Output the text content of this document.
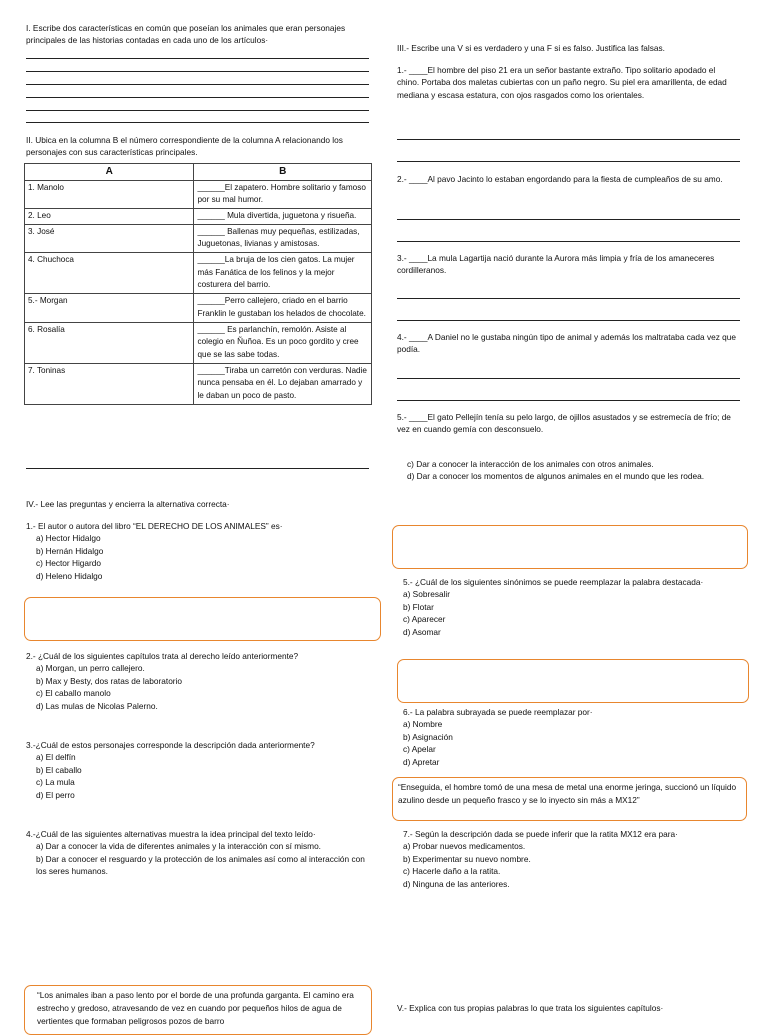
I. Escribe dos características en común que poseían los animales que eran personajes principales de las historias contadas en cada uno de los artículos·

II. Ubica en la columna B el número correspondiente de la columna A relacionando los personajes con sus características principales.

A	B
1. Manolo	______El zapatero. Hombre solitario y famoso por su mal humor.
2. Leo	______ Mula divertida, juguetona y risueña.
3. José	______ Ballenas muy pequeñas, estilizadas, Juguetonas, livianas y amistosas.
4. Chuchoca	______La bruja de los cien gatos. La mujer más Fanática de los felinos y la mejor costurera del barrio.
5.- Morgan	______Perro callejero, criado en el barrio Franklin le gustaban los helados de chocolate.
6. Rosalía	______ Es parlanchín, remolón. Asiste al colegio en Ñuñoa. Es un poco gordito y cree que se las sabe todas.
7. Toninas	______Tiraba un carretón con verduras. Nadie nunca pensaba en él. Lo dejaban amarrado y le daban un poco de pasto.

IV.- Lee las preguntas y encierra la alternativa correcta·

1.- El autor o autora del libro “EL DERECHO DE LOS ANIMALES” es·

a) Hector Hidalgo

b) Hernán Hidalgo

c) Hector Higardo

d) Heleno Hidalgo

2.- ¿Cuál de los siguientes capítulos trata al derecho leído anteriormente?

a) Morgan, un perro callejero.

b) Max y Besty, dos ratas de laboratorio

c) El caballo manolo

d) Las mulas de Nicolas Palerno.

3.-¿Cuál de estos personajes corresponde la descripción dada anteriormente?

a) El delfín

b) El caballo

c) La mula

d) El perro

4.-¿Cuál de las siguientes alternativas muestra la idea principal del texto leído·

a) Dar a conocer la vida de diferentes animales y la interacción con sí mismo.

b) Dar a conocer el resguardo y la protección de los animales así como al interacción con los seres humanos.

“Los animales iban a paso lento por el borde de una profunda garganta. El camino era estrecho y gredoso, atravesando de vez en cuando por pequeños hilos de agua de vertientes que formaban peligrosos pozos de barro

III.- Escribe una V si es verdadero y una F si es falso. Justifica las falsas.

1.- ____El hombre del piso 21 era un señor bastante extraño. Tipo solitario apodado el chino. Portaba dos maletas cubiertas con un paño negro. Su piel era amarillenta, de edad mediana y escasa estatura, con ojos rasgados como los orientales.

2.- ____Al pavo Jacinto lo estaban engordando para la fiesta de cumpleaños de su amo.

3.- ____La mula Lagartija nació durante la Aurora más limpia y fría de los amaneceres cordilleranos.

4.- ____A Daniel no le gustaba ningún tipo de animal y además los maltrataba cada vez que podía.

5.- ____El gato Pellejín tenía su pelo largo, de ojillos asustados y se estremecía de frío; de vez en cuando gemía con desconsuelo.

c) Dar a conocer la interacción de los animales con otros animales.

d) Dar a conocer los momentos de algunos animales en el mundo que les rodea.

5.- ¿Cuál de los siguientes sinónimos se puede reemplazar la palabra destacada·

a) Sobresalir

b) Flotar

c) Aparecer

d) Asomar

6.- La palabra subrayada se puede reemplazar por·

a) Nombre

b) Asignación

c) Apelar

d) Apretar

“Enseguida, el hombre tomó de una mesa de metal una enorme jeringa, succionó un líquido azulino desde un pequeño frasco y se lo inyecto sin más a MX12”

7.- Según la descripción dada se puede inferir que la ratita MX12 era para·

a) Probar nuevos medicamentos.

b) Experimentar su nuevo nombre.

c) Hacerle daño a la ratita.

d) Ninguna de las anteriores.

V.- Explica con tus propias palabras lo que trata los siguientes capítulos·
